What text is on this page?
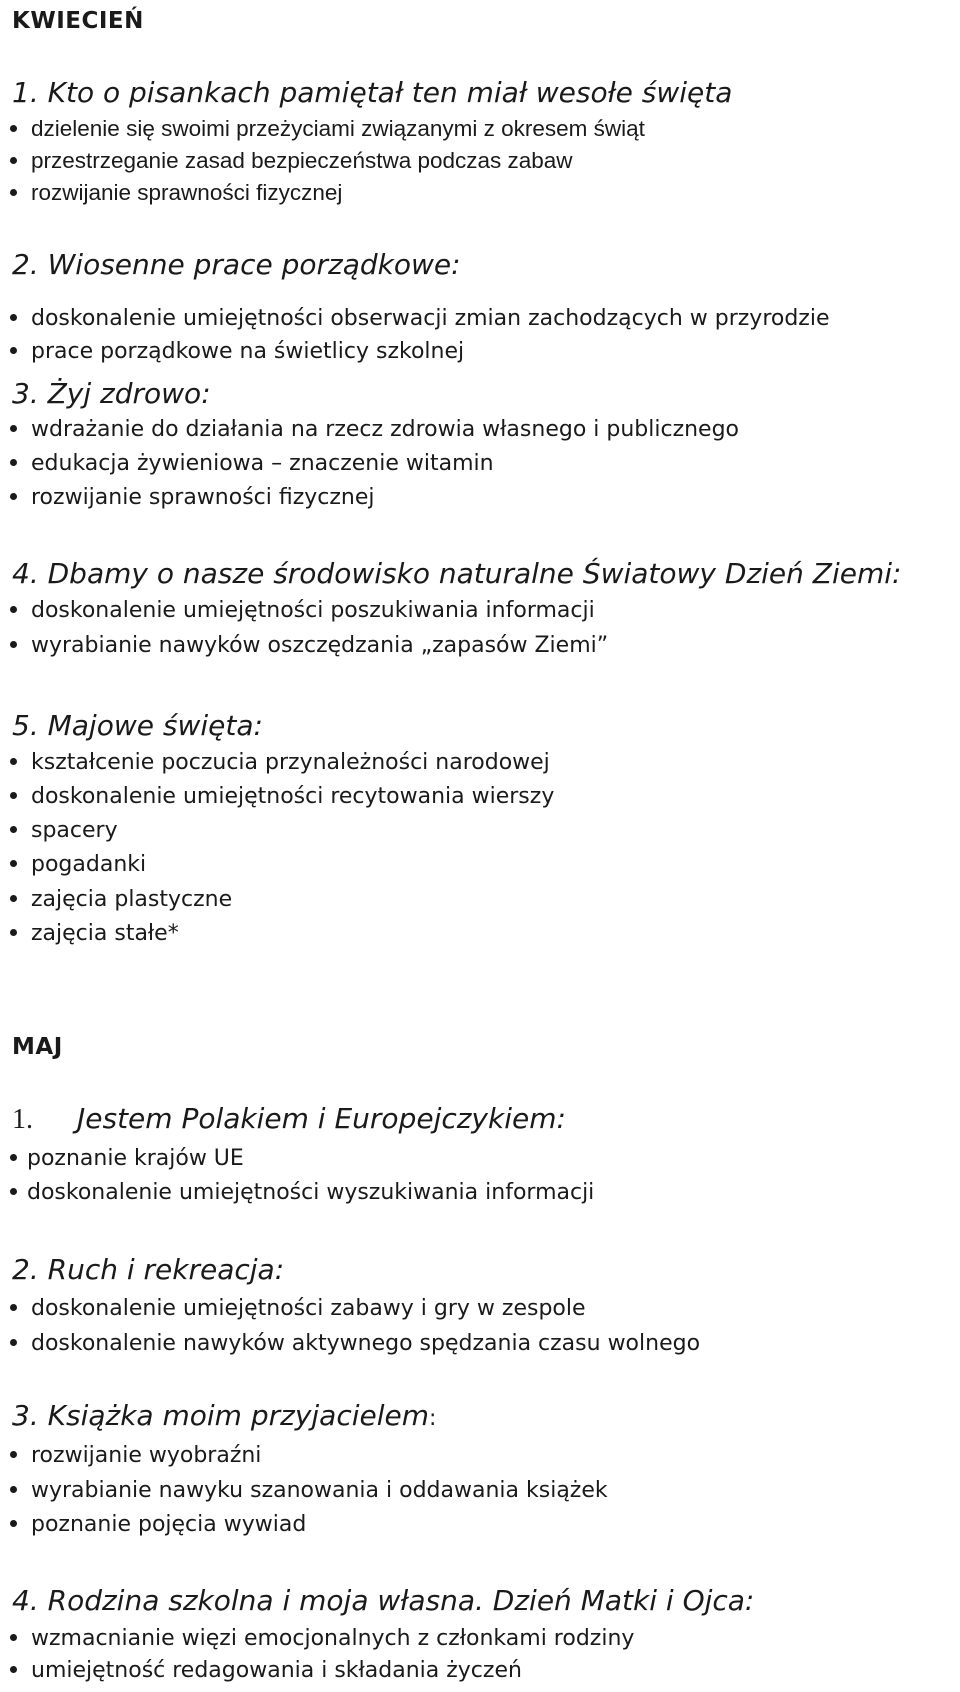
KWIECIEŃ
1. Kto o pisankach pamiętał ten miał wesołe święta
dzielenie się swoimi przeżyciami związanymi z okresem świąt
przestrzeganie zasad bezpieczeństwa podczas zabaw
rozwijanie sprawności fizycznej
2. Wiosenne prace porządkowe:
doskonalenie umiejętności obserwacji zmian zachodzących w przyrodzie
prace porządkowe na świetlicy szkolnej
3. Żyj zdrowo:
wdrażanie do działania na rzecz zdrowia własnego i publicznego
edukacja żywieniowa – znaczenie witamin
rozwijanie sprawności fizycznej
4. Dbamy o nasze środowisko naturalne Światowy Dzień Ziemi:
doskonalenie umiejętności poszukiwania informacji
wyrabianie nawyków oszczędzania „zapasów Ziemi”
5. Majowe święta:
kształcenie poczucia przynależności narodowej
doskonalenie umiejętności recytowania wierszy
spacery
pogadanki
zajęcia plastyczne
zajęcia stałe*
MAJ
1. Jestem Polakiem i Europejczykiem:
poznanie krajów UE
doskonalenie umiejętności wyszukiwania informacji
2. Ruch i rekreacja:
doskonalenie umiejętności zabawy i gry w zespole
doskonalenie nawyków aktywnego spędzania czasu wolnego
3. Książka moim przyjacielem:
rozwijanie wyobraźni
wyrabianie nawyku szanowania i oddawania książek
poznanie pojęcia wywiad
4. Rodzina szkolna i moja własna. Dzień Matki i Ojca:
wzmacnianie więzi emocjonalnych z członkami rodziny
umiejętność redagowania i składania życzeń
